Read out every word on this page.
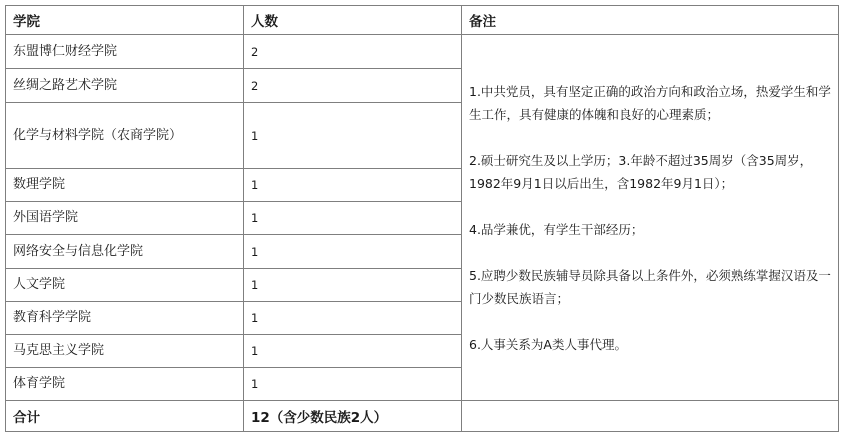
学院	人数	备注
东盟博仁财经学院	2	1.中共党员，具有坚定正确的政治方向和政治立场，热爱学生和学生工作，具有健康的体魄和良好的心理素质；
2.硕士研究生及以上学历；3.年龄不超过35周岁（含35周岁，1982年9月1日以后出生，含1982年9月1日）；
4.品学兼优，有学生干部经历；
5.应聘少数民族辅导员除具备以上条件外，必须熟练掌握汉语及一门少数民族语言；
6.人事关系为A类人事代理。

丝绸之路艺术学院	2	
化学与材料学院（农商学院）	1	
数理学院	1	
外国语学院	1	
网络安全与信息化学院	1	
人文学院	1	
教育科学学院	1	
马克思主义学院	1	
体育学院	1	
合计	12（含少数民族2人）	
